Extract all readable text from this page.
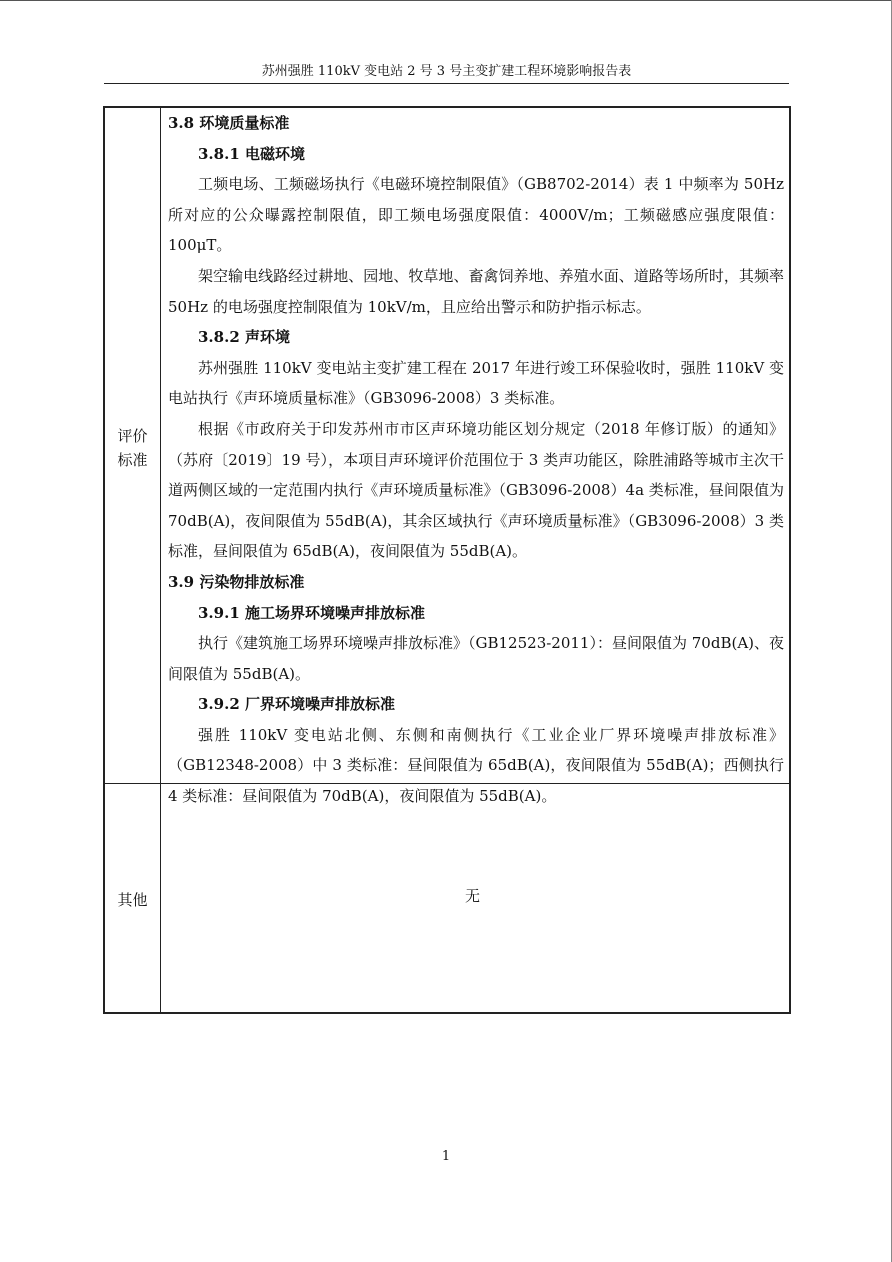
苏州强胜 110kV 变电站 2 号 3 号主变扩建工程环境影响报告表
评价
标准

3.8 环境质量标准

3.8.1 电磁环境

工频电场、工频磁场执行《电磁环境控制限值》（GB8702-2014）表 1 中频率为 50Hz 所对应的公众曝露控制限值，即工频电场强度限值：4000V/m；工频磁感应强度限值：100μT。

架空输电线路经过耕地、园地、牧草地、畜禽饲养地、养殖水面、道路等场所时，其频率 50Hz 的电场强度控制限值为 10kV/m，且应给出警示和防护指示标志。

3.8.2 声环境

苏州强胜 110kV 变电站主变扩建工程在 2017 年进行竣工环保验收时，强胜 110kV 变电站执行《声环境质量标准》（GB3096-2008）3 类标准。

根据《市政府关于印发苏州市市区声环境功能区划分规定（2018 年修订版）的通知》（苏府〔2019〕19 号），本项目声环境评价范围位于 3 类声功能区，除胜浦路等城市主次干道两侧区域的一定范围内执行《声环境质量标准》（GB3096-2008）4a 类标准，昼间限值为 70dB(A)，夜间限值为 55dB(A)，其余区域执行《声环境质量标准》（GB3096-2008）3 类标准，昼间限值为 65dB(A)，夜间限值为 55dB(A)。

3.9 污染物排放标准

3.9.1 施工场界环境噪声排放标准

执行《建筑施工场界环境噪声排放标准》（GB12523-2011）：昼间限值为 70dB(A)、夜间限值为 55dB(A)。

3.9.2 厂界环境噪声排放标准

强胜 110kV 变电站北侧、东侧和南侧执行《工业企业厂界环境噪声排放标准》（GB12348-2008）中 3 类标准：昼间限值为 65dB(A)，夜间限值为 55dB(A)；西侧执行 4 类标准：昼间限值为 70dB(A)，夜间限值为 55dB(A)。

其他	无
1
